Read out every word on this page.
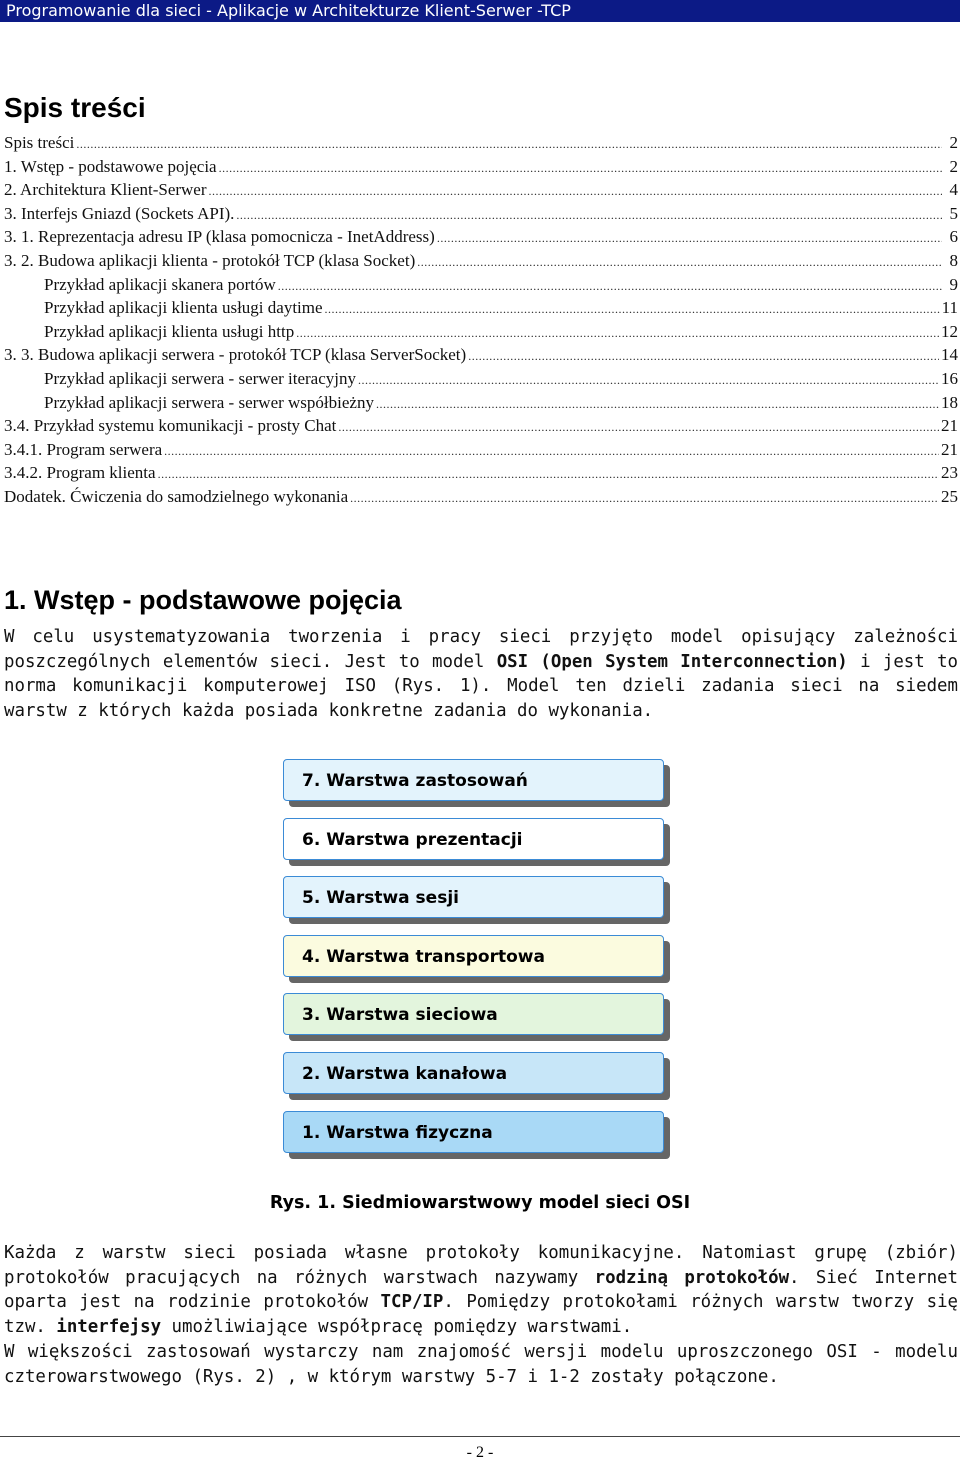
Programowanie dla sieci - Aplikacje w Architekturze Klient-Serwer -TCP
Spis treści
Spis treści .....	2
1. Wstęp - podstawowe pojęcia .....	2
2. Architektura Klient-Serwer .....	4
3. Interfejs Gniazd (Sockets API). .....	5
3. 1. Reprezentacja adresu IP (klasa pomocnicza - InetAddress) .....	6
3. 2. Budowa aplikacji klienta - protokół TCP (klasa Socket) .....	8
Przykład aplikacji skanera portów .....	9
Przykład aplikacji klienta usługi daytime .....	11
Przykład aplikacji klienta usługi http .....	12
3. 3. Budowa aplikacji serwera - protokół TCP (klasa ServerSocket) .....	14
Przykład aplikacji serwera - serwer iteracyjny .....	16
Przykład aplikacji serwera - serwer współbieżny .....	18
3.4. Przykład systemu komunikacji - prosty Chat .....	21
3.4.1. Program serwera .....	21
3.4.2. Program klienta .....	23
Dodatek. Ćwiczenia do samodzielnego wykonania .....	25
1. Wstęp - podstawowe pojęcia

W celu usystematyzowania tworzenia i pracy sieci przyjęto model opisujący zależności poszczególnych elementów sieci. Jest to model OSI (Open System Interconnection) i jest to norma komunikacji komputerowej ISO (Rys. 1). Model ten dzieli zadania sieci na siedem warstw z których każda posiada konkretne zadania do wykonania.

7. Warstwa zastosowań
6. Warstwa prezentacji
5. Warstwa sesji
4. Warstwa transportowa
3. Warstwa sieciowa
2. Warstwa kanałowa
1. Warstwa fizyczna
Rys. 1. Siedmiowarstwowy model sieci OSI

Każda z warstw sieci posiada własne protokoły komunikacyjne. Natomiast grupę (zbiór) protokołów pracujących na różnych warstwach nazywamy rodziną protokołów. Sieć Internet oparta jest na rodzinie protokołów TCP/IP. Pomiędzy protokołami różnych warstw tworzy się tzw. interfejsy umożliwiające współpracę pomiędzy warstwami.
W większości zastosowań wystarczy nam znajomość wersji modelu uproszczonego OSI - modelu czterowarstwowego (Rys. 2) , w którym warstwy 5-7 i 1-2 zostały połączone.

- 2 -
